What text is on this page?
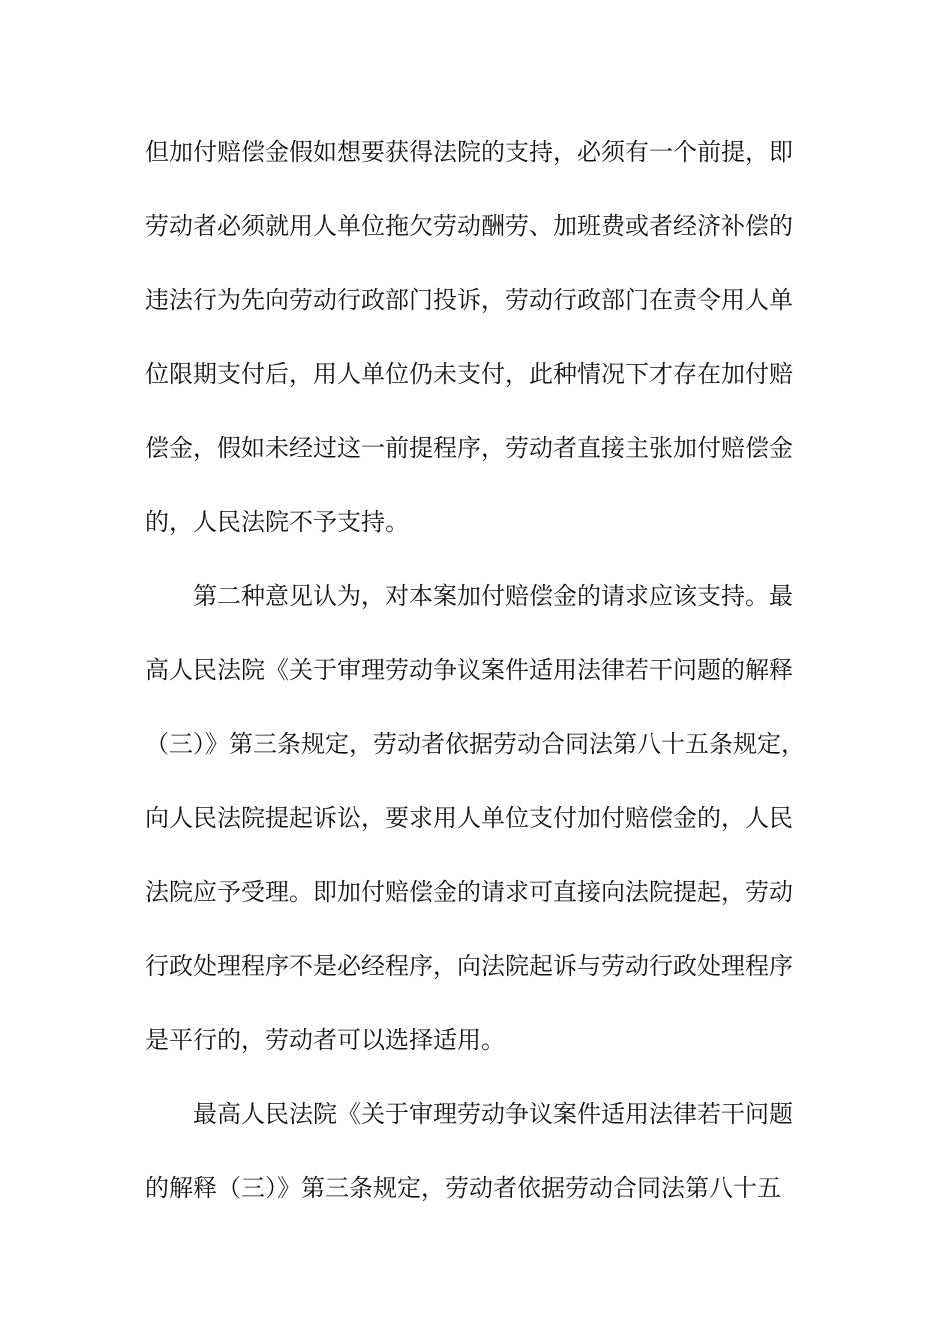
但加付赔偿金假如想要获得法院的支持，必须有一个前提，即
劳动者必须就用人单位拖欠劳动酬劳、加班费或者经济补偿的
违法行为先向劳动行政部门投诉，劳动行政部门在责令用人单
位限期支付后，用人单位仍未支付，此种情况下才存在加付赔
偿金，假如未经过这一前提程序，劳动者直接主张加付赔偿金
的，人民法院不予支持。
第二种意见认为，对本案加付赔偿金的请求应该支持。最
高人民法院《关于审理劳动争议案件适用法律若干问题的解释
（三）》第三条规定，劳动者依据劳动合同法第八十五条规定，
向人民法院提起诉讼，要求用人单位支付加付赔偿金的，人民
法院应予受理。即加付赔偿金的请求可直接向法院提起，劳动
行政处理程序不是必经程序，向法院起诉与劳动行政处理程序
是平行的，劳动者可以选择适用。
最高人民法院《关于审理劳动争议案件适用法律若干问题
的解释（三）》第三条规定，劳动者依据劳动合同法第八十五
